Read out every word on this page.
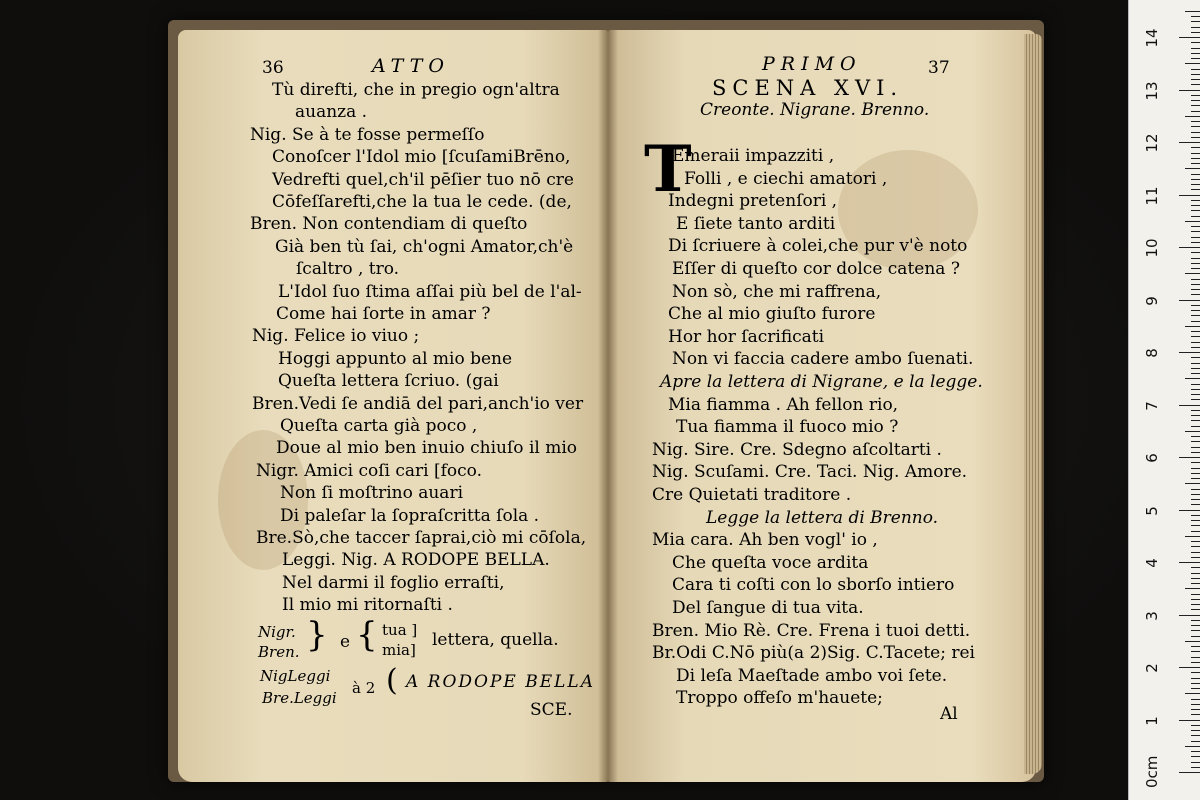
0cm
1
2
3
4
5
6
7
8
9
10
11
12
13
14
36	ATTO
Tù direfti, che in pregio ogn'altra
auanza .
Nig. Se à te fosse permeſſo
Conoſcer l'Idol mio [ſcuſamiBrēno,
Vedrefti quel,ch'il pēſier tuo nō cre
Cōfeſſarefti,che la tua le cede. (de,
Bren. Non contendiam di queſto
Già ben tù ſai, ch'ogni Amator,ch'è
ſcaltro , tro.
L'Idol ſuo ſtima aſſai più bel de l'al-
Come hai ſorte in amar ?
Nig. Felice io viuo ;
Hoggi appunto al mio bene
Queſta lettera ſcriuo. (gai
Bren.Vedi ſe andiā del pari,anch'io ver
Queſta carta già poco ,
Doue al mio ben inuio chiuſo il mio
Nigr. Amici coſi cari [foco.
Non ſi moſtrino auari
Di paleſar la ſopraſcritta ſola .
Bre.Sò,che taccer ſaprai,ciò mi cōſola,
Leggi. Nig. A RODOPE BELLA.
Nel darmi il foglio erraſti,
Il mio mi ritornaſti .
Nigr.
Bren. } e { tua ]
mia] lettera, quella.
NigLeggi
Bre.Leggi
à 2 ( A RODOPE BELLA
SCE.
PRIMO	37
SCENA XVI.
Creonte. Nigrane. Brenno.
T
Emeraii impazziti ,
Folli , e ciechi amatori ,
Indegni pretenſori ,
E ſiete tanto arditi
Di ſcriuere à colei,che pur v'è noto
Eſſer di queſto cor dolce catena ?
Non sò, che mi raffrena,
Che al mio giuſto furore
Hor hor ſacrificati
Non vi faccia cadere ambo ſuenati.
Apre la lettera di Nigrane, e la legge.
Mia fiamma . Ah fellon rio,
Tua fiamma il fuoco mio ?
Nig. Sire. Cre. Sdegno aſcoltarti .
Nig. Scuſami. Cre. Taci. Nig. Amore.
Cre Quietati traditore .
Legge la lettera di Brenno.
Mia cara. Ah ben vogl' io ,
Che queſta voce ardita
Cara ti coſti con lo sborſo intiero
Del ſangue di tua vita.
Bren. Mio Rè. Cre. Frena i tuoi detti.
Br.Odi C.Nō più(a 2)Sig. C.Tacete; rei
Di leſa Maeſtade ambo voi ſete.
Troppo offeſo m'hauete;
Al
